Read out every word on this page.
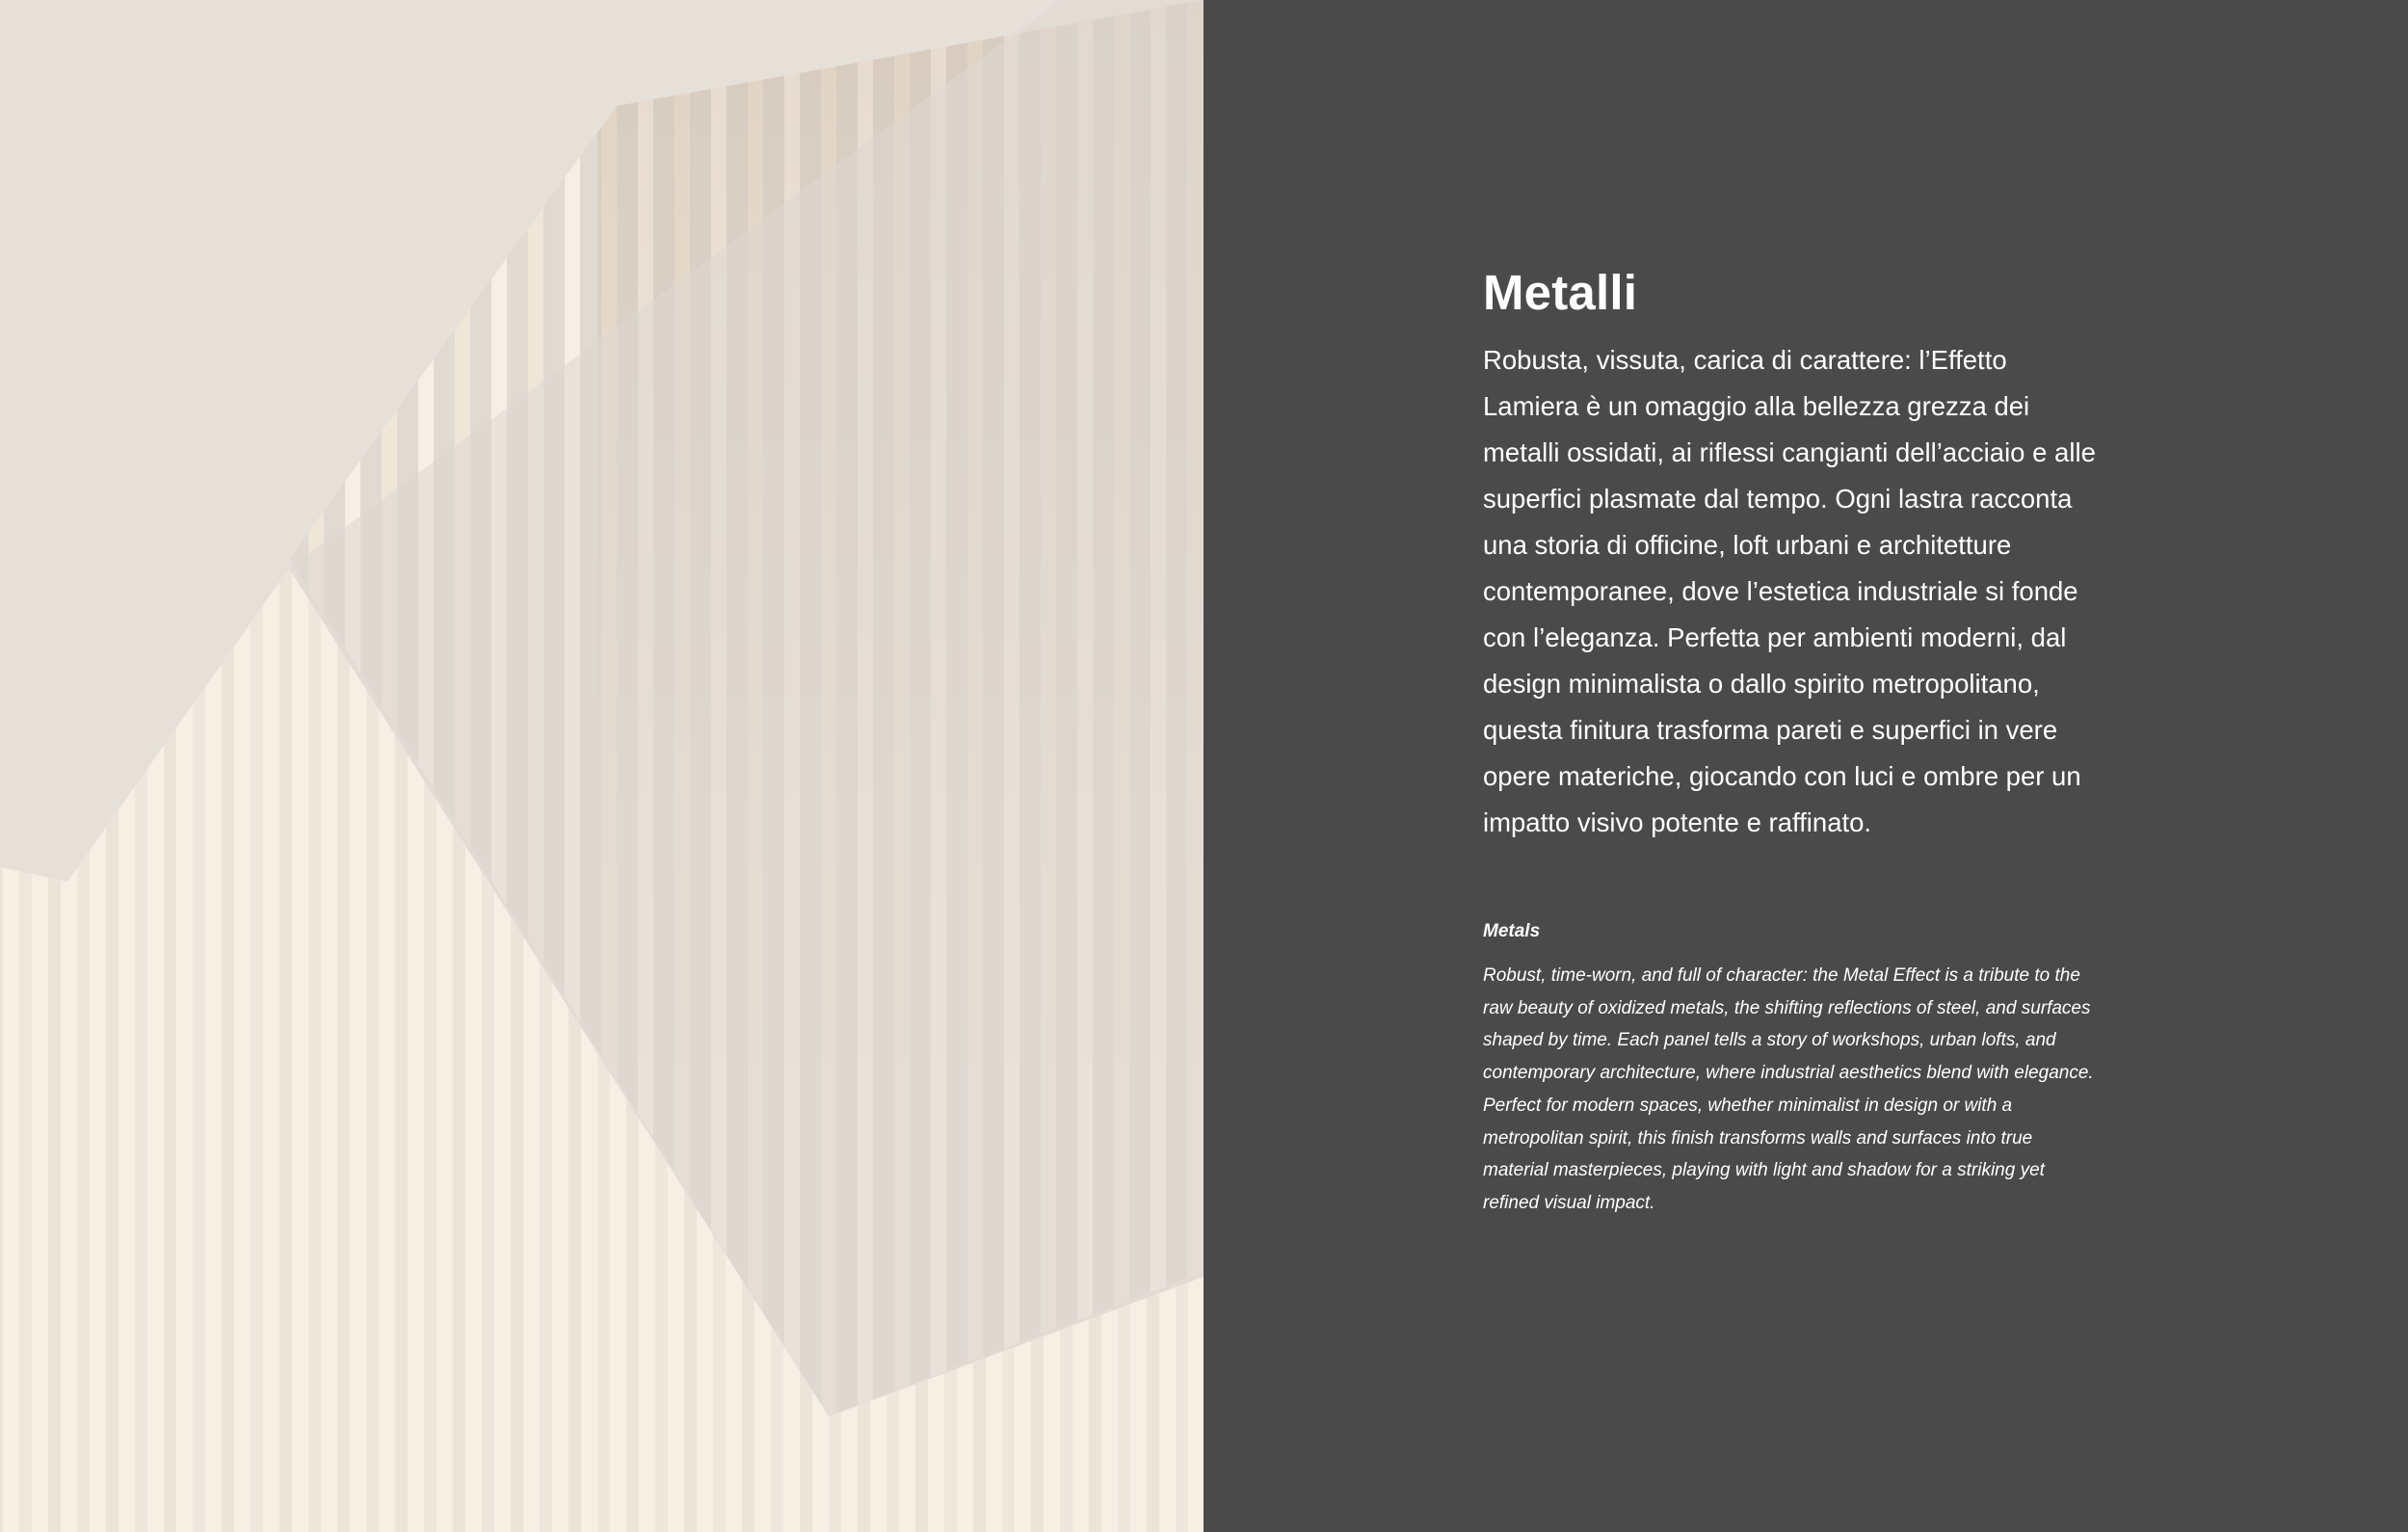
Metalli

Robusta, vissuta, carica di carattere: l’Effetto Lamiera è un omaggio alla bellezza grezza dei metalli ossidati, ai riflessi cangianti dell’acciaio e alle superfici plasmate dal tempo. Ogni lastra racconta una storia di officine, loft urbani e architetture contemporanee, dove l’estetica industriale si fonde con l’eleganza. Perfetta per ambienti moderni, dal design minimalista o dallo spirito metropolitano, questa finitura trasforma pareti e superfici in vere opere materiche, giocando con luci e ombre per un impatto visivo potente e raffinato.

Metals

Robust, time-worn, and full of character: the Metal Effect is a tribute to the raw beauty of oxidized metals, the shifting reflections of steel, and surfaces shaped by time. Each panel tells a story of workshops, urban lofts, and contemporary architecture, where industrial aesthetics blend with elegance. Perfect for modern spaces, whether minimalist in design or with a metropolitan spirit, this finish transforms walls and surfaces into true material masterpieces, playing with light and shadow for a striking yet refined visual impact.
